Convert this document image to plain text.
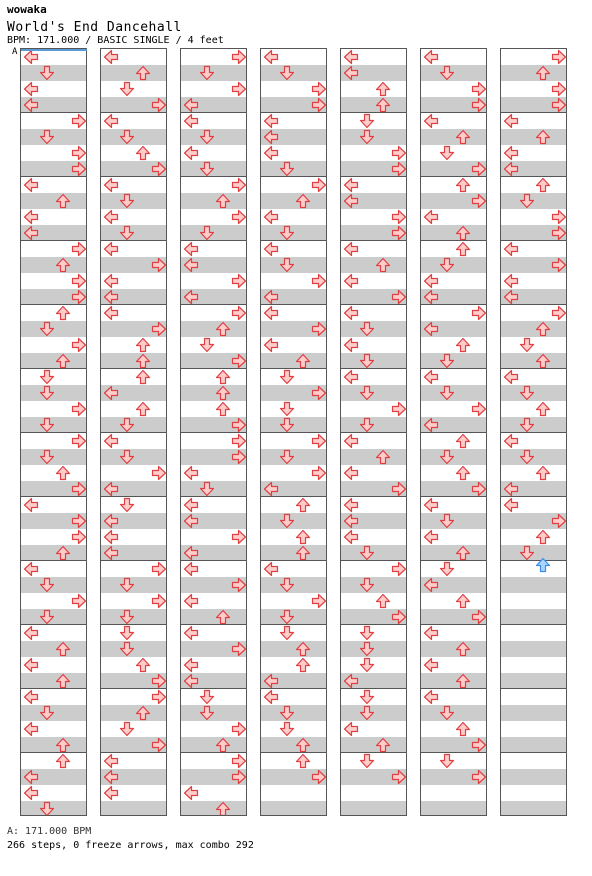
wowaka
World's End Dancehall
BPM: 171.000 / BASIC SINGLE / 4 feet
A
A: 171.000 BPM
266 steps, 0 freeze arrows, max combo 292
